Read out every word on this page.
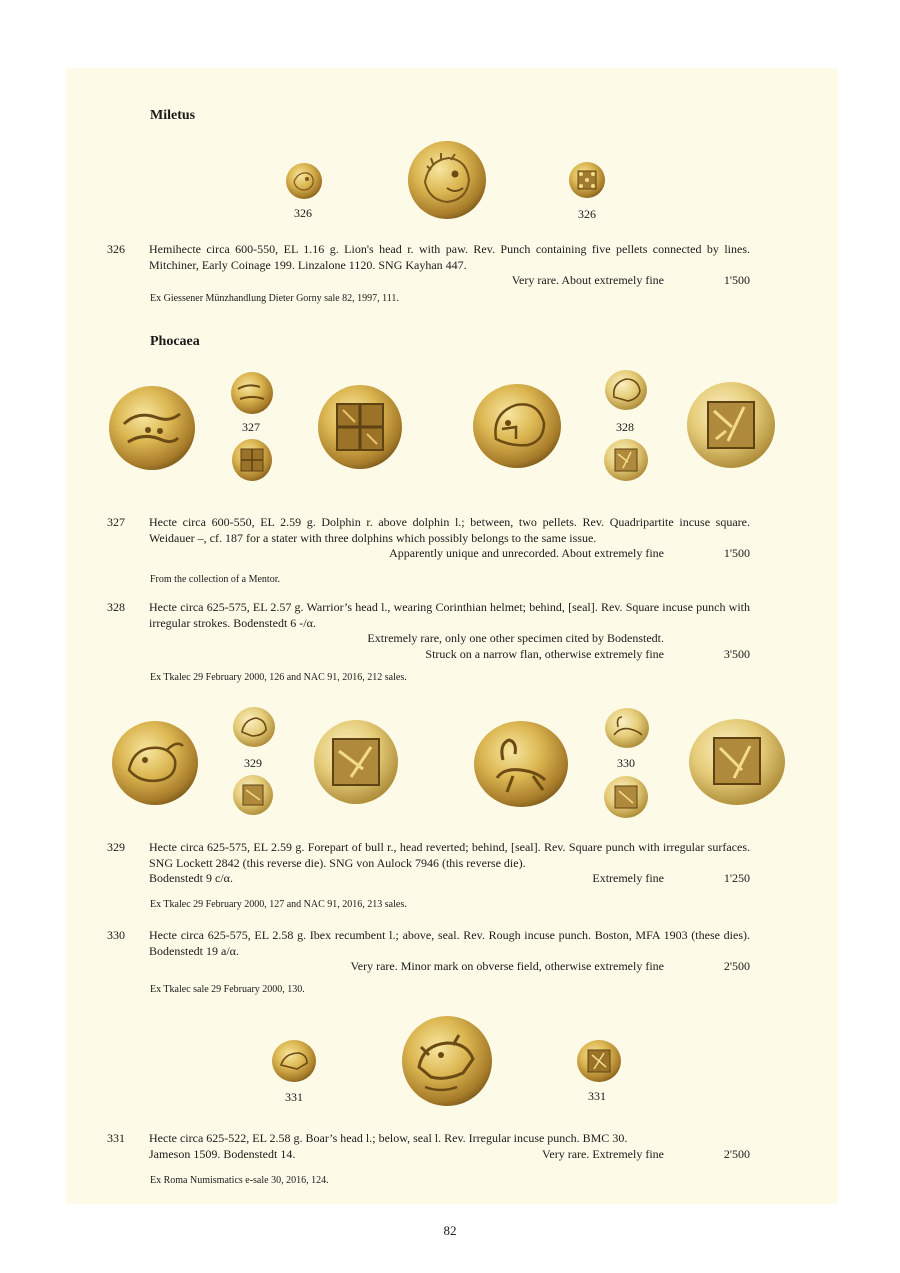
Miletus
326	326
326 Hemihecte circa 600-550, EL 1.16 g. Lion's head r. with paw. Rev. Punch containing five pellets connected by lines. Mitchiner, Early Coinage 199. Linzalone 1120. SNG Kayhan 447.

Very rare. About extremely fine	1'500
Ex Giessener Münzhandlung Dieter Gorny sale 82, 1997, 111.
Phocaea
327	328
327 Hecte circa 600-550, EL 2.59 g. Dolphin r. above dolphin l.; between, two pellets. Rev. Quadripartite incuse square. Weidauer –, cf. 187 for a stater with three dolphins which possibly belongs to the same issue.

Apparently unique and unrecorded. About extremely fine	1'500
From the collection of a Mentor.
328 Hecte circa 625-575, EL 2.57 g. Warrior’s head l., wearing Corinthian helmet; behind, [seal]. Rev. Square incuse punch with irregular strokes. Bodenstedt 6 -/α.

Extremely rare, only one other specimen cited by Bodenstedt.
Struck on a narrow flan, otherwise extremely fine	3'500
Ex Tkalec 29 February 2000, 126 and NAC 91, 2016, 212 sales.
329	330
329 Hecte circa 625-575, EL 2.59 g. Forepart of bull r., head reverted; behind, [seal]. Rev. Square punch with irregular surfaces. SNG Lockett 2842 (this reverse die). SNG von Aulock 7946 (this reverse die).

Bodenstedt 9 c/α.	Extremely fine	1'250
Ex Tkalec 29 February 2000, 127 and NAC 91, 2016, 213 sales.
330 Hecte circa 625-575, EL 2.58 g. Ibex recumbent l.; above, seal. Rev. Rough incuse punch. Boston, MFA 1903 (these dies). Bodenstedt 19 a/α.

Very rare. Minor mark on obverse field, otherwise extremely fine	2'500
Ex Tkalec sale 29 February 2000, 130.
331	331
331 Hecte circa 625-522, EL 2.58 g. Boar’s head l.; below, seal l. Rev. Irregular incuse punch. BMC 30.

Jameson 1509. Bodenstedt 14.	Very rare. Extremely fine	2'500
Ex Roma Numismatics e-sale 30, 2016, 124.
82
